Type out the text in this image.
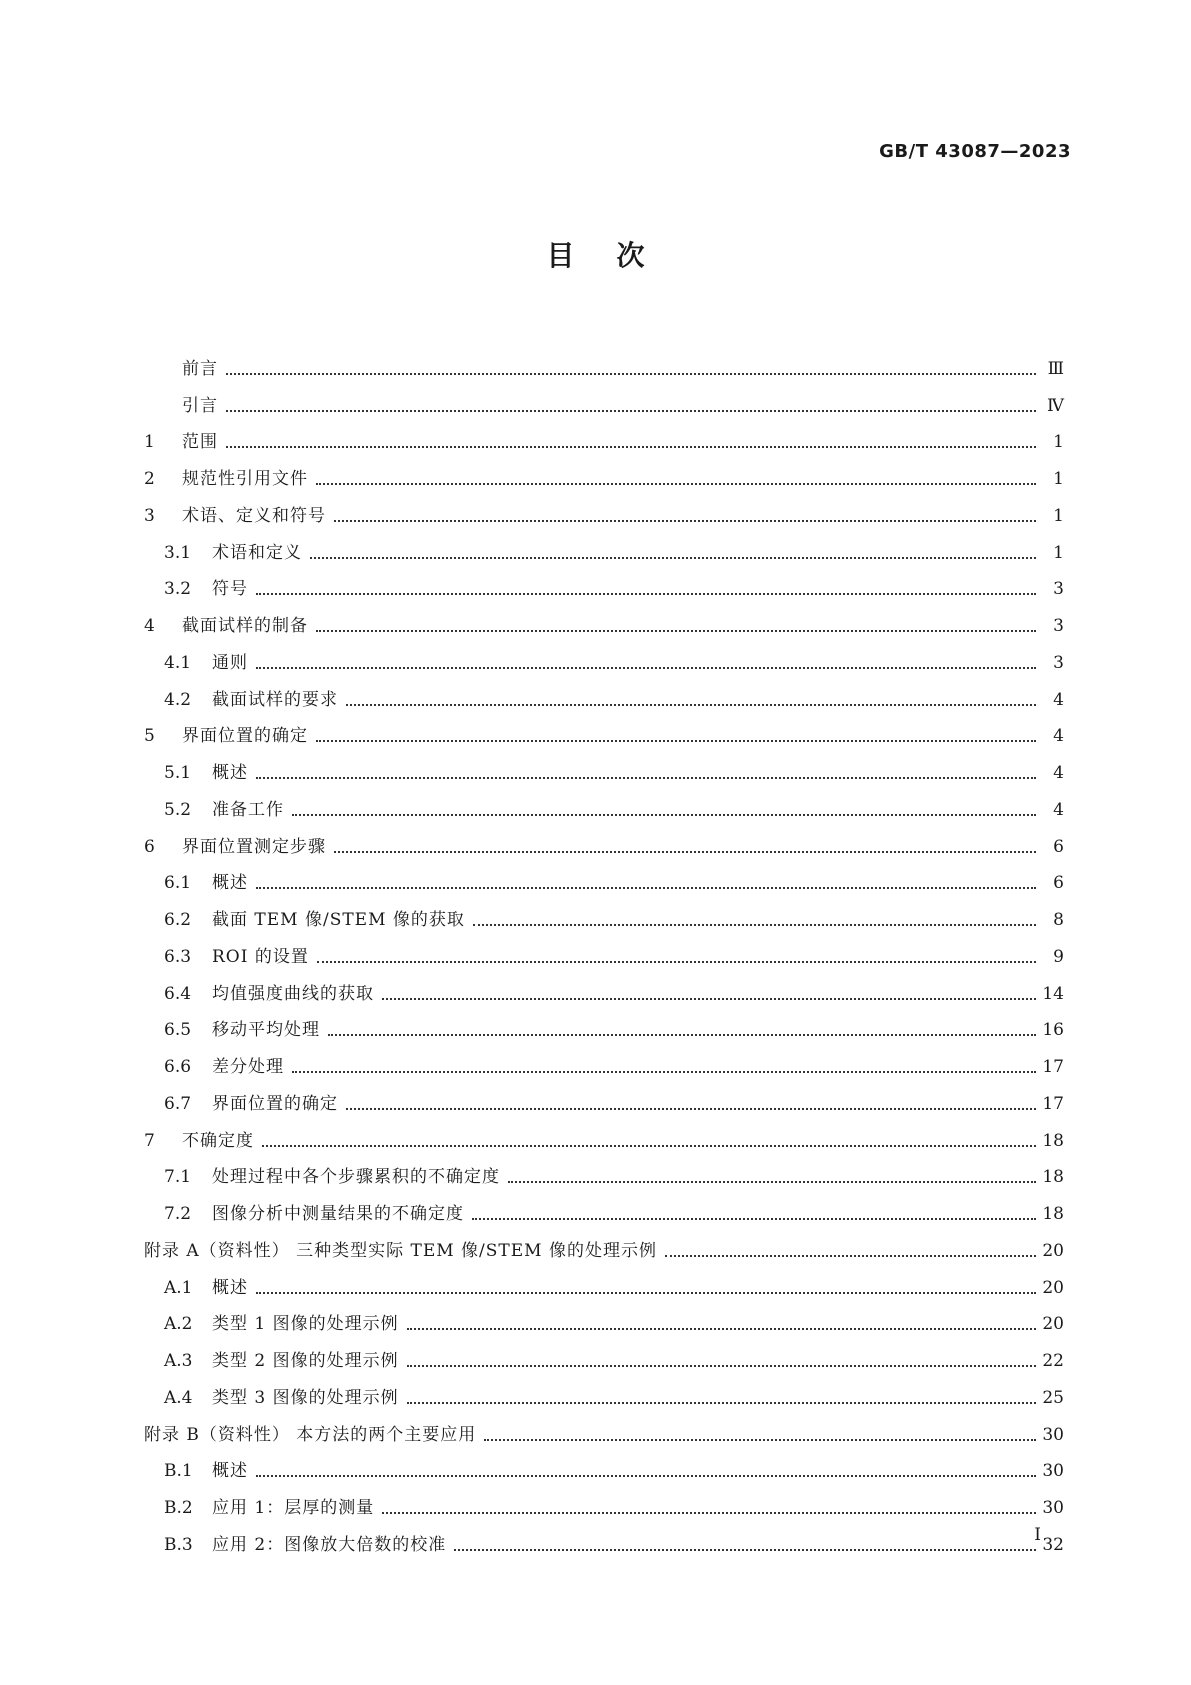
GB/T 43087—2023
目次
前言	Ⅲ
引言	Ⅳ
1	范围	1
2	规范性引用文件	1
3	术语、定义和符号	1
3.1	术语和定义	1
3.2	符号	3
4	截面试样的制备	3
4.1	通则	3
4.2	截面试样的要求	4
5	界面位置的确定	4
5.1	概述	4
5.2	准备工作	4
6	界面位置测定步骤	6
6.1	概述	6
6.2	截面 TEM 像/STEM 像的获取	8
6.3	ROI 的设置	9
6.4	均值强度曲线的获取	14
6.5	移动平均处理	16
6.6	差分处理	17
6.7	界面位置的确定	17
7	不确定度	18
7.1	处理过程中各个步骤累积的不确定度	18
7.2	图像分析中测量结果的不确定度	18
附录 A（资料性） 三种类型实际 TEM 像/STEM 像的处理示例	20
A.1	概述	20
A.2	类型 1 图像的处理示例	20
A.3	类型 2 图像的处理示例	22
A.4	类型 3 图像的处理示例	25
附录 B（资料性） 本方法的两个主要应用	30
B.1	概述	30
B.2	应用 1：层厚的测量	30
B.3	应用 2：图像放大倍数的校准	32
Ⅰ
